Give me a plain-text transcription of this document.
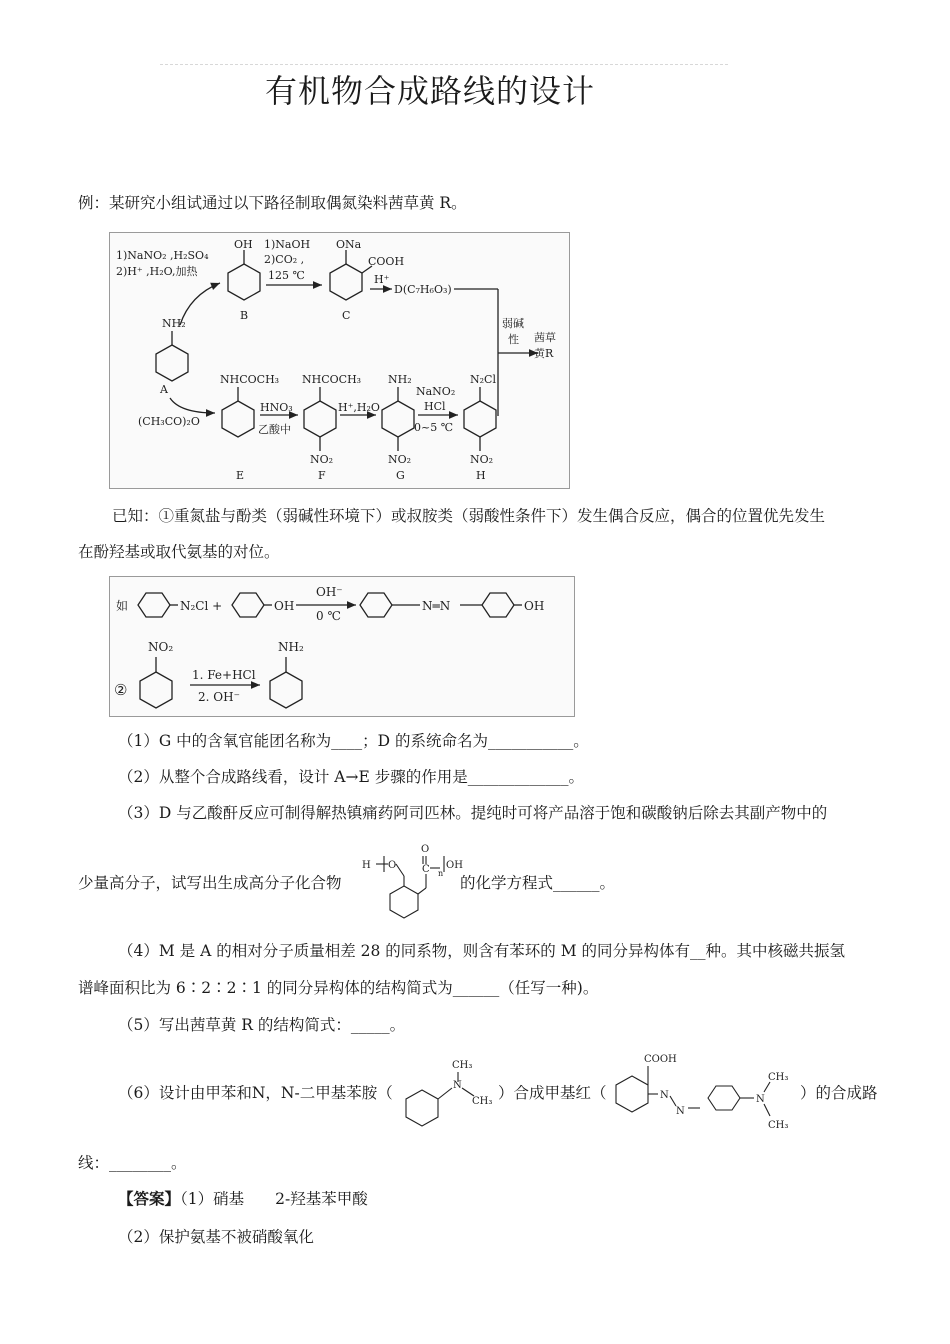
有机物合成路线的设计
例：某研究小组试通过以下路径制取偶氮染料茜草黄 R。
1)NaNO₂ ,H₂SO₄
2)H⁺ ,H₂O,加热
OH 1)NaOH
2)CO₂ ,
125 ℃
ONa
COOH
H⁺
D(C₇H₆O₃)
弱碱
性 茜草
黄R
NH₂
(CH₃CO)₂O
NHCOCH₃ NHCOCH₃
HNO₃
乙酸中
H⁺,H₂O
NH₂
NaNO₂
HCl
0~5 ℃
N₂Cl
NO₂	NO₂	NO₂
B	C
A
E	F	G	H
已知：①重氮盐与酚类（弱碱性环境下）或叔胺类（弱酸性条件下）发生偶合反应，偶合的位置优先发生
在酚羟基或取代氨基的对位。
如	N₂Cl +	OH
OH⁻
0 ℃
N═N	OH
②
NO₂	NH₂
1. Fe+HCl
2. OH⁻
（1）G 中的含氧官能团名称为____；D 的系统命名为___________。
（2）从整个合成路线看，设计 A→E 步骤的作用是_____________。
（3）D 与乙酸酐反应可制得解热镇痛药阿司匹林。提纯时可将产品溶于饱和碳酸钠后除去其副产物中的
少量高分子，试写出生成高分子化合物
H O
O
C OH
n
的化学方程式______。
（4）M 是 A 的相对分子质量相差 28 的同系物，则含有苯环的 M 的同分异构体有__种。其中核磁共振氢
谱峰面积比为 6∶2∶2∶1 的同分异构体的结构简式为______（任写一种)。
（5）写出茜草黄 R 的结构简式：_____。
（6）设计由甲苯和N，N-二甲基苯胺（
CH₃
N
CH₃ ）合成甲基红（
COOH
N
N
N
CH₃
CH₃
）的合成路
线：________。
【答案】（1）硝基　　2-羟基苯甲酸
（2）保护氨基不被硝酸氧化
